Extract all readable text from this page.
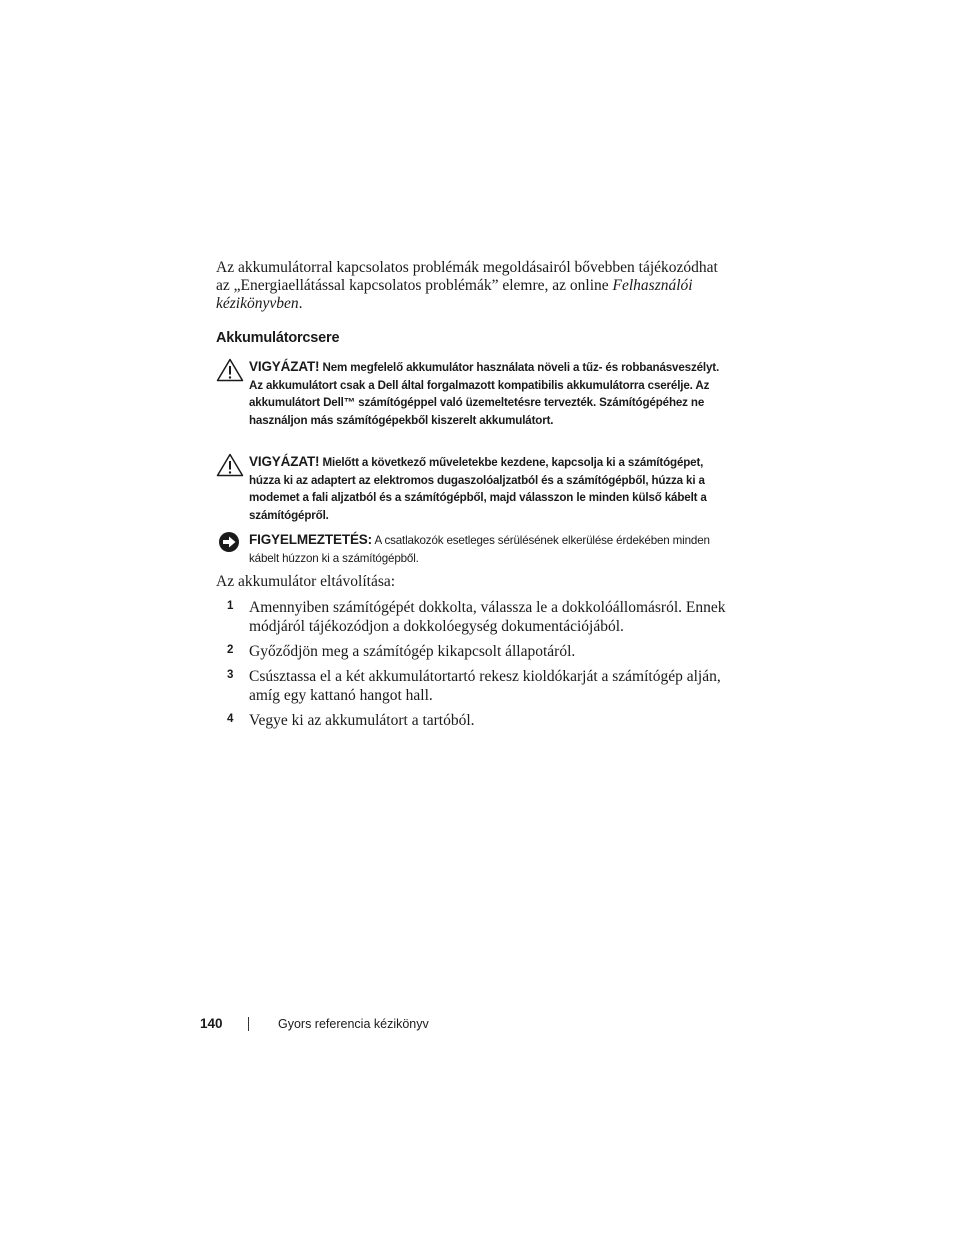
Az akkumulátorral kapcsolatos problémák megoldásairól bővebben tájékozódhat az „Energiaellátással kapcsolatos problémák” elemre, az online Felhasználói kézikönyvben.
Akkumulátorcsere
VIGYÁZAT! Nem megfelelő akkumulátor használata növeli a tűz- és robbanásveszélyt. Az akkumulátort csak a Dell által forgalmazott kompatibilis akkumulátorra cserélje. Az akkumulátort Dell™ számítógéppel való üzemeltetésre tervezték. Számítógépéhez ne használjon más számítógépekből kiszerelt akkumulátort.
VIGYÁZAT! Mielőtt a következő műveletekbe kezdene, kapcsolja ki a számítógépet, húzza ki az adaptert az elektromos dugaszolóaljzatból és a számítógépből, húzza ki a modemet a fali aljzatból és a számítógépből, majd válasszon le minden külső kábelt a számítógépről.
FIGYELMEZTETÉS: A csatlakozók esetleges sérülésének elkerülése érdekében minden kábelt húzzon ki a számítógépből.
Az akkumulátor eltávolítása:
1 Amennyiben számítógépét dokkolta, válassza le a dokkolóállomásról. Ennek módjáról tájékozódjon a dokkolóegység dokumentációjából.
2 Győződjön meg a számítógép kikapcsolt állapotáról.
3 Csúsztassa el a két akkumulátortartó rekesz kioldókarját a számítógép alján, amíg egy kattanó hangot hall.
4 Vegye ki az akkumulátort a tartóból.
140	Gyors referencia kézikönyv
